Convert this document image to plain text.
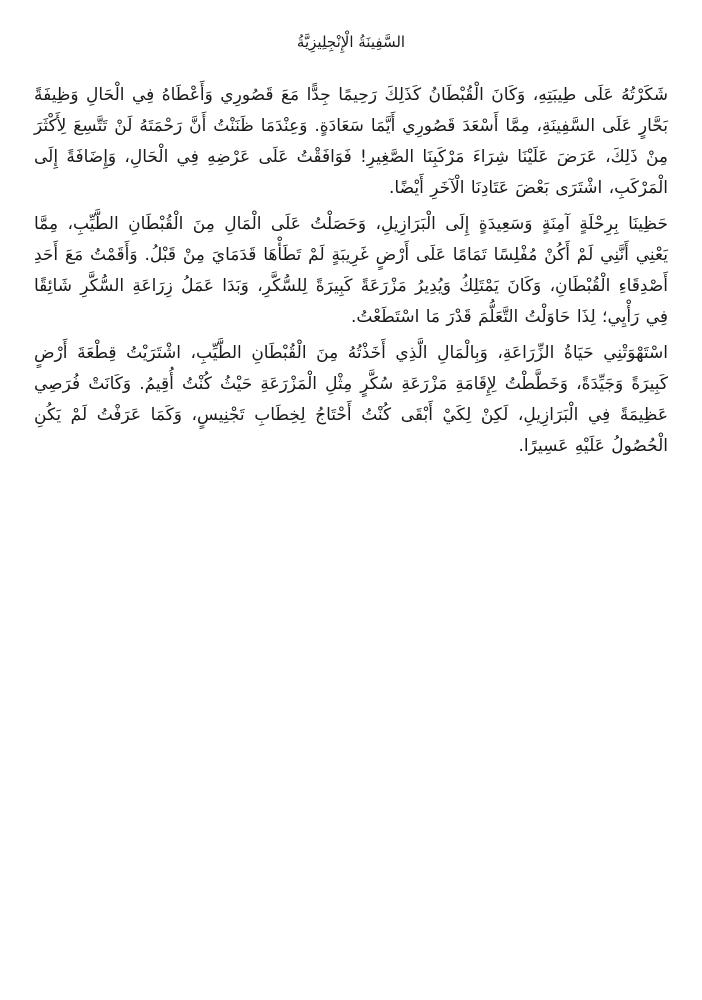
السَّفِينَةُ الْإِنْجِلِيزِيَّةُ

شَكَرْتُهُ عَلَى طِيبَتِهِ، وَكَانَ الْقُبْطَانُ كَذَلِكَ رَحِيمًا جِدًّا مَعَ قَصُورِي وَأَعْطَاهُ فِي الْحَالِ وَظِيفَةً بَحَّارٍ عَلَى السَّفِينَةِ، مِمَّا أَسْعَدَ قَصُورِي أَيَّمَا سَعَادَةٍ. وَعِنْدَمَا ظَنَنْتُ أَنَّ رَحْمَتَهُ لَنْ تَتَّسِعَ لِأَكْثَرَ مِنْ ذَلِكَ، عَرَضَ عَلَيْنَا شِرَاءَ مَرْكَبِنَا الصَّغِيرِ! فَوَافَقْتُ عَلَى عَرْضِهِ فِي الْحَالِ، وَإِضَافَةً إِلَى الْمَرْكَبِ، اشْتَرَى بَعْضَ عَتَادِنَا الْآخَرِ أَيْضًا.

حَظِينَا بِرِحْلَةٍ آمِنَةٍ وَسَعِيدَةٍ إِلَى الْبَرَازِيلِ، وَحَصَلْتُ عَلَى الْمَالِ مِنَ الْقُبْطَانِ الطَّيِّبِ، مِمَّا يَعْنِي أَنَّنِي لَمْ أَكُنْ مُفْلِسًا تَمَامًا عَلَى أَرْضٍ غَرِيبَةٍ لَمْ تَطَأْهَا قَدَمَايَ مِنْ قَبْلُ. وَأَقَمْتُ مَعَ أَحَدِ أَصْدِقَاءِ الْقُبْطَانِ، وَكَانَ يَمْتَلِكُ وَيُدِيرُ مَزْرَعَةً كَبِيرَةً لِلسُّكَّرِ، وَبَدَا عَمَلُ زِرَاعَةِ السُّكَّرِ شَائِقًا فِي رَأْيِي؛ لِذَا حَاوَلْتُ التَّعَلُّمَ قَدْرَ مَا اسْتَطَعْتُ.

اسْتَهْوَتْنِي حَيَاةُ الزِّرَاعَةِ، وَبِالْمَالِ الَّذِي أَخَذْتُهُ مِنَ الْقُبْطَانِ الطَّيِّبِ، اشْتَرَيْتُ قِطْعَةَ أَرْضٍ كَبِيرَةً وَجَيِّدَةً، وَخَطَّطْتُ لِإِقَامَةِ مَزْرَعَةِ سُكَّرٍ مِثْلِ الْمَزْرَعَةِ حَيْثُ كُنْتُ أُقِيمُ. وَكَانَتْ فُرَصِي عَظِيمَةً فِي الْبَرَازِيلِ، لَكِنْ لِكَيْ أَبْقَى كُنْتُ أَحْتَاجُ لِخِطَابِ تَجْنِيسٍ، وَكَمَا عَرَفْتُ لَمْ يَكُنِ الْحُصُولُ عَلَيْهِ عَسِيرًا.
